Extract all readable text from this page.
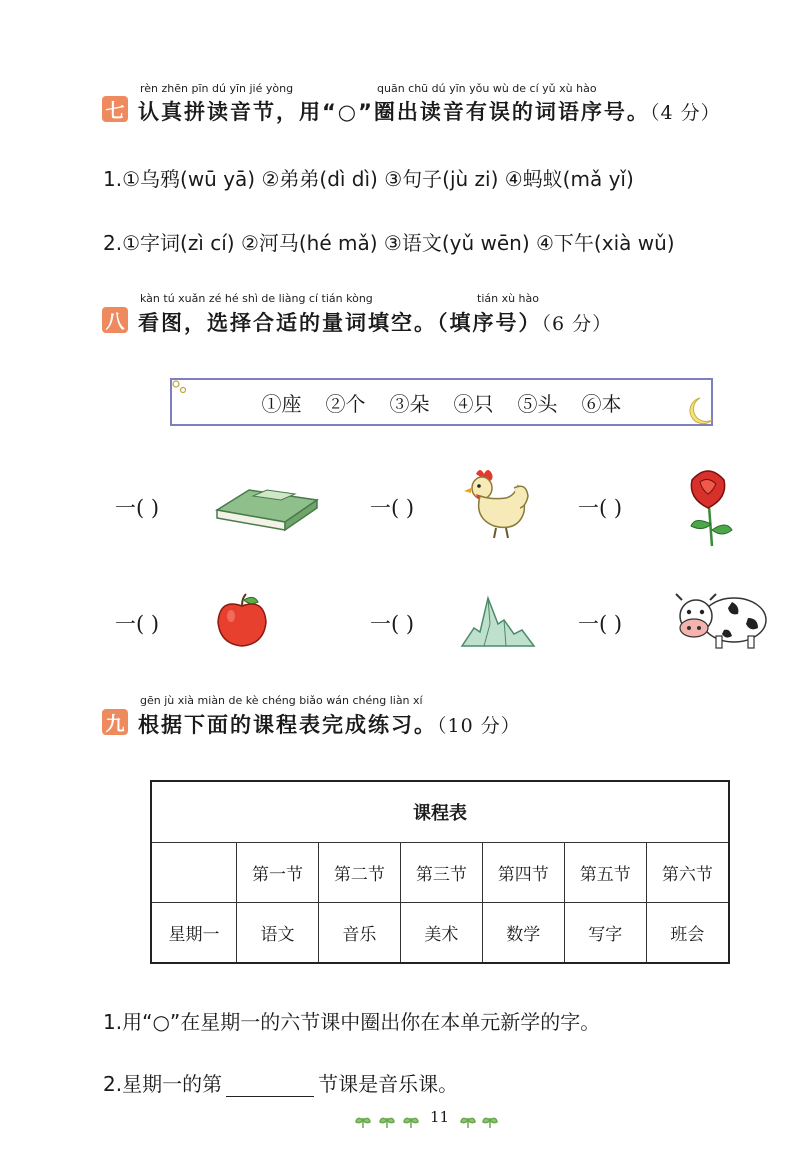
rèn zhēn pīn dú yīn jié yòng	quān chū dú yīn yǒu wù de cí yǔ xù hào
七 认真拼读音节，用“○”圈出读音有误的词语序号。（4 分）
1.①乌鸦(wū yā) ②弟弟(dì dì) ③句子(jù zi) ④蚂蚁(mǎ yǐ)
2.①字词(zì cí) ②河马(hé mǎ) ③语文(yǔ wēn) ④下午(xià wǔ)
kàn tú xuǎn zé hé shì de liàng cí tián kòng	tián xù hào
八 看图，选择合适的量词填空。（填序号）（6 分）
①座 ②个 ③朵 ④只 ⑤头 ⑥本
一( )	一( )	一( )
一( )	一( )	一( )
gēn jù xià miàn de kè chéng biǎo wán chéng liàn xí
九 根据下面的课程表完成练习。（10 分）
课程表						
	第一节	第二节	第三节	第四节	第五节	第六节
星期一	语文	音乐	美术	数学	写字	班会
1.用“○”在星期一的六节课中圈出你在本单元新学的字。
2.星期一的第	节课是音乐课。
11
